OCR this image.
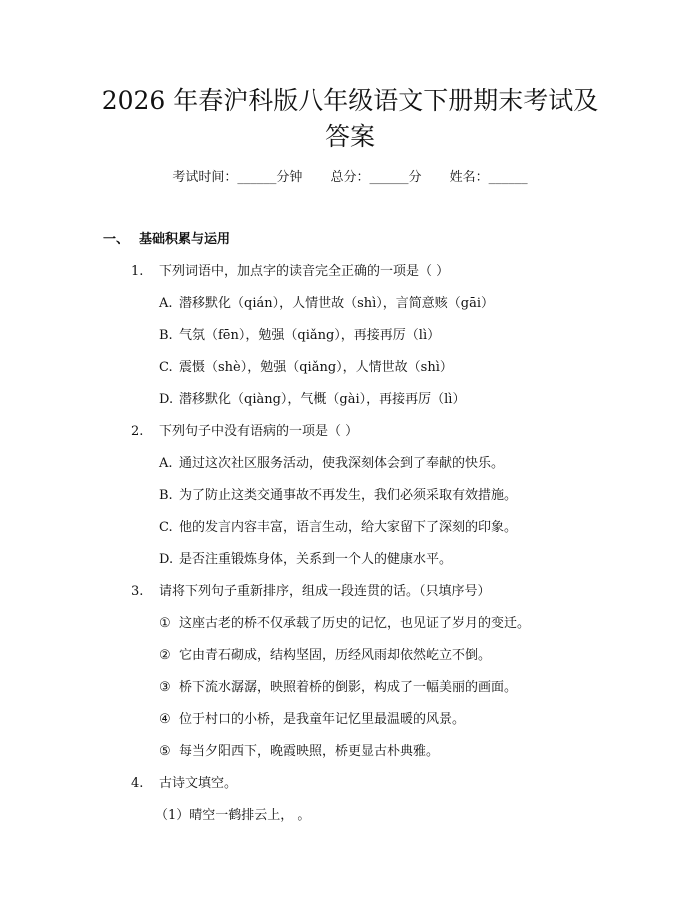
2026 年春沪科版八年级语文下册期末考试及
答案
考试时间：______分钟 总分：______分 姓名：______
一、 基础积累与运用
1. 下列词语中，加点字的读音完全正确的一项是（ ）
A. 潜移默化（qián），人情世故（shì），言简意赅（gāi）
B. 气氛（fēn），勉强（qiǎng），再接再厉（lì）
C. 震慑（shè），勉强（qiǎng），人情世故（shì）
D. 潜移默化（qiàng），气概（gài），再接再厉（lì）
2. 下列句子中没有语病的一项是（ ）
A. 通过这次社区服务活动，使我深刻体会到了奉献的快乐。
B. 为了防止这类交通事故不再发生，我们必须采取有效措施。
C. 他的发言内容丰富，语言生动，给大家留下了深刻的印象。
D. 是否注重锻炼身体，关系到一个人的健康水平。
3. 请将下列句子重新排序，组成一段连贯的话。（只填序号）
① 这座古老的桥不仅承载了历史的记忆，也见证了岁月的变迁。
② 它由青石砌成，结构坚固，历经风雨却依然屹立不倒。
③ 桥下流水潺潺，映照着桥的倒影，构成了一幅美丽的画面。
④ 位于村口的小桥，是我童年记忆里最温暖的风景。
⑤ 每当夕阳西下，晚霞映照，桥更显古朴典雅。
4. 古诗文填空。
（1）晴空一鹤排云上， 。
